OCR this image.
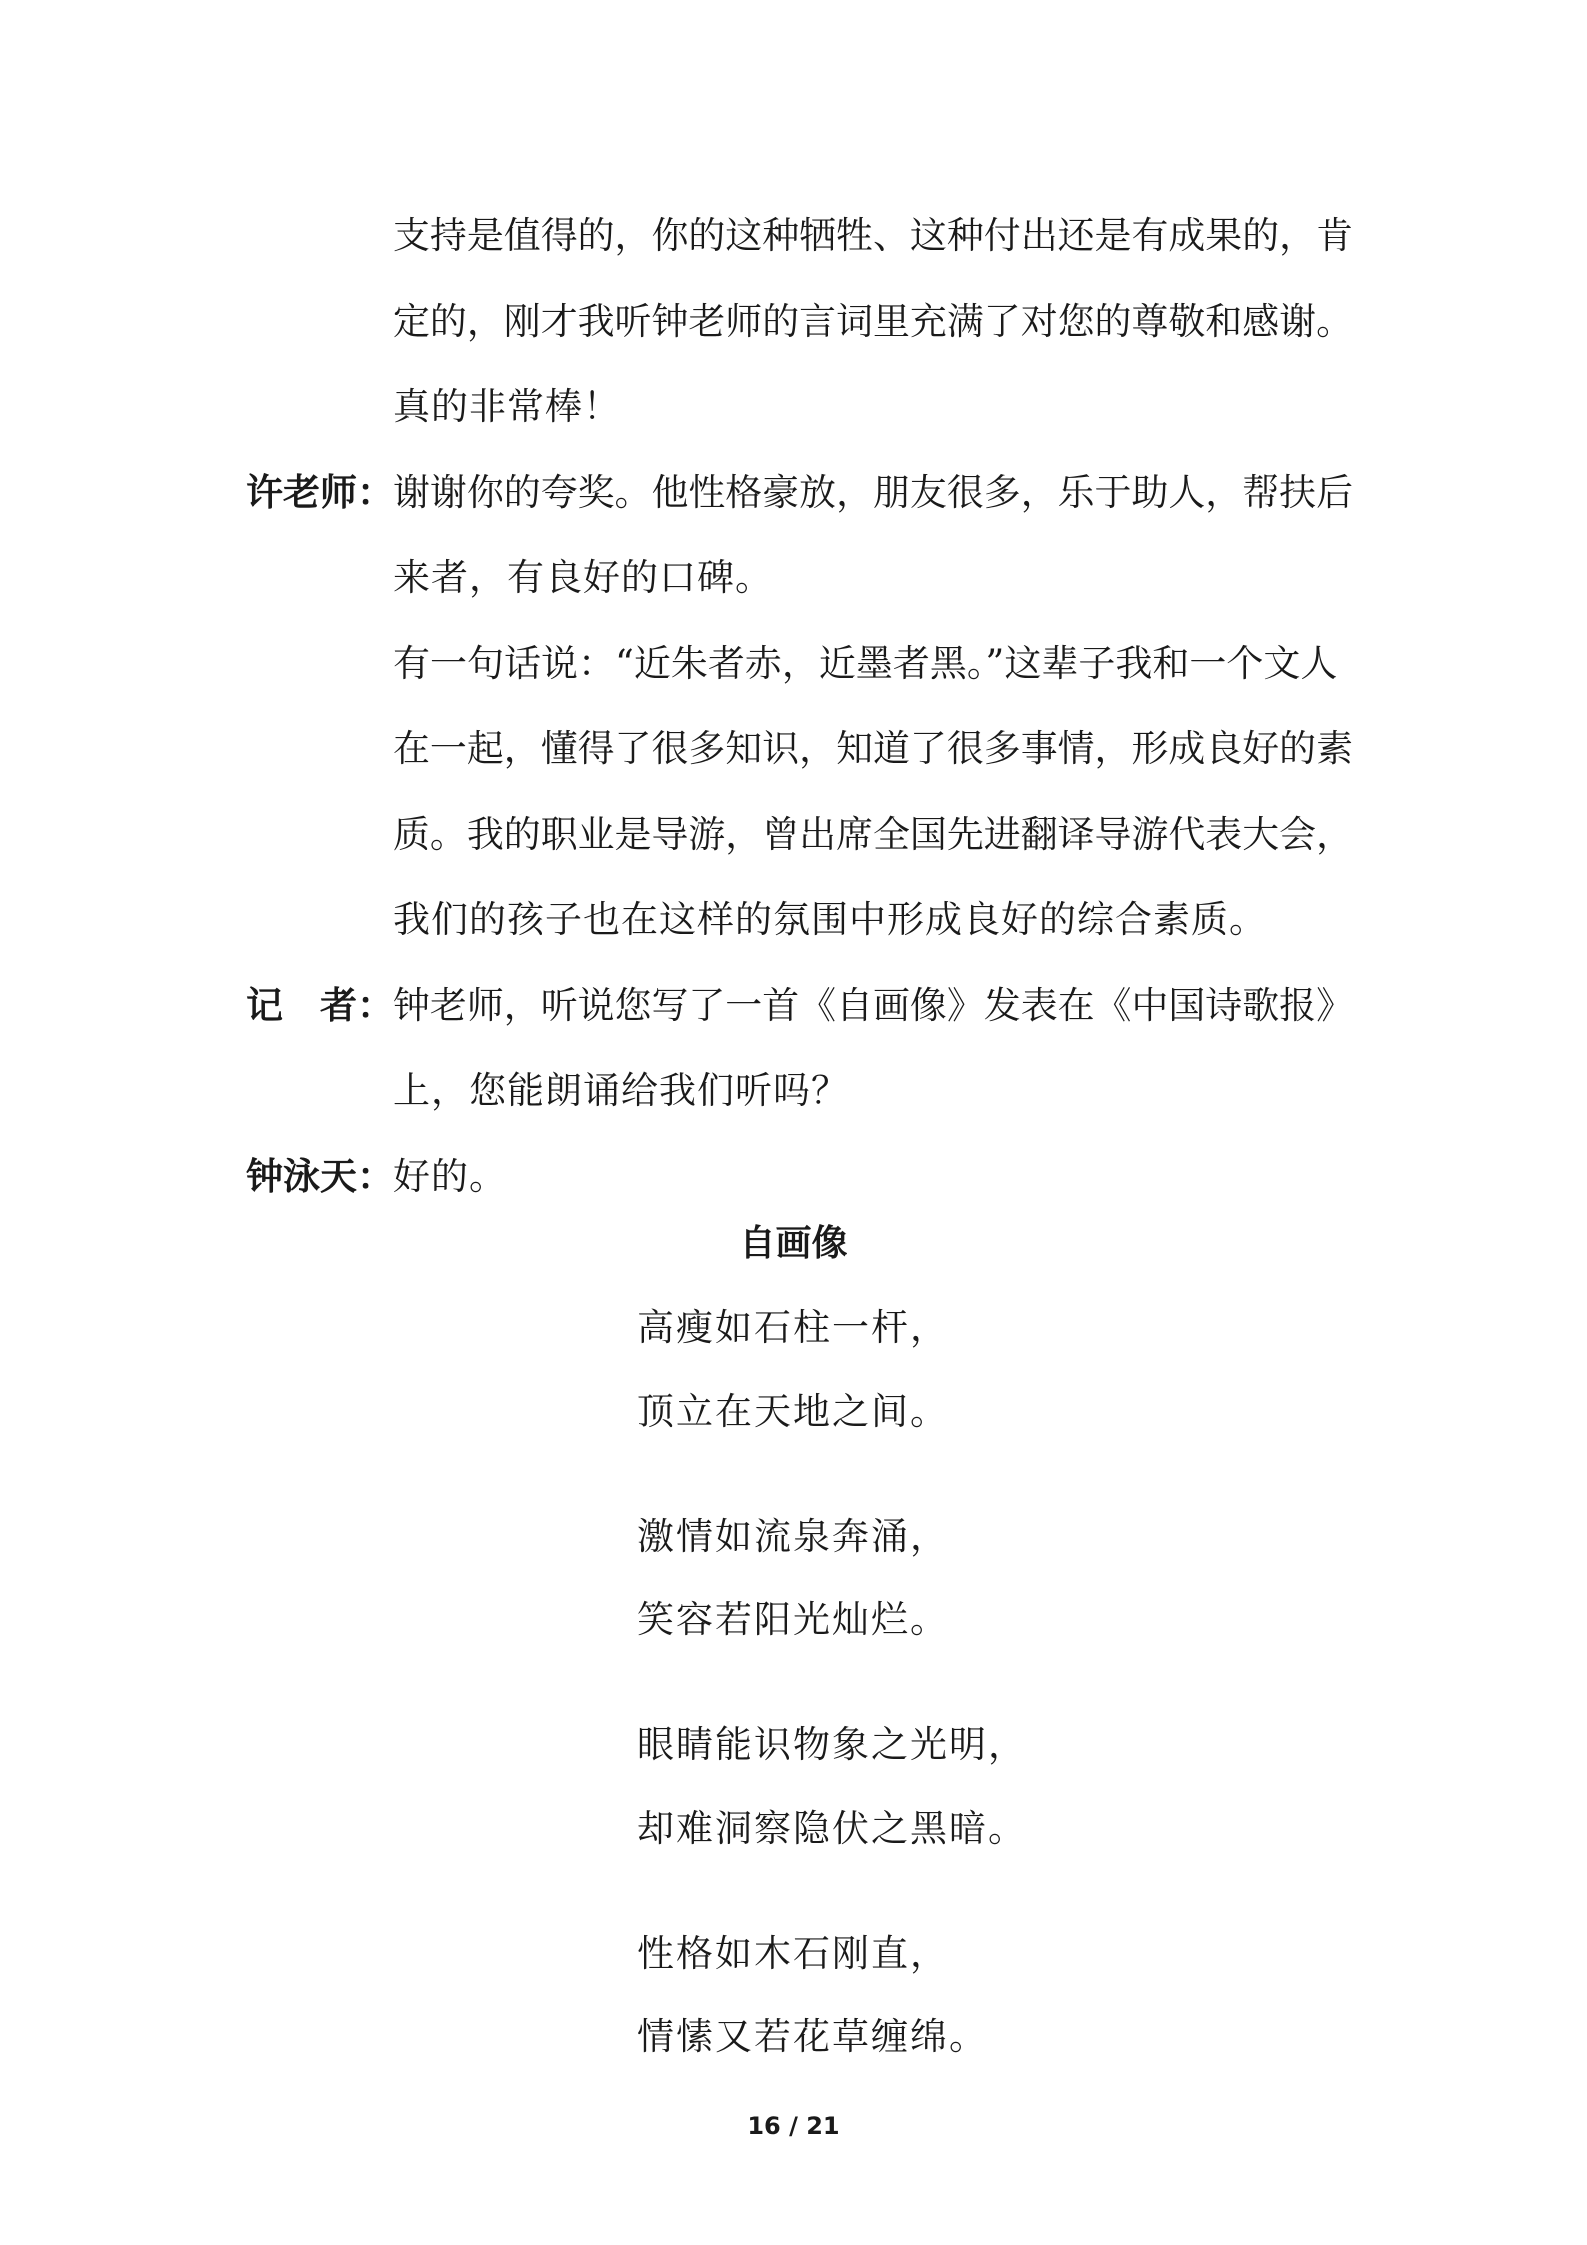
支持是值得的，你的这种牺牲、这种付出还是有成果的，肯
定的，刚才我听钟老师的言词里充满了对您的尊敬和感谢。
真的非常棒！
许老师： 谢谢你的夸奖。他性格豪放，朋友很多，乐于助人，帮扶后
来者，有良好的口碑。
有一句话说：“近朱者赤，近墨者黑。”这辈子我和一个文人
在一起，懂得了很多知识，知道了很多事情，形成良好的素
质。我的职业是导游，曾出席全国先进翻译导游代表大会，
我们的孩子也在这样的氛围中形成良好的综合素质。
记　者： 钟老师，听说您写了一首《自画像》发表在《中国诗歌报》
上，您能朗诵给我们听吗？
钟泳天： 好的。
自画像
高瘦如石柱一杆，
顶立在天地之间。
激情如流泉奔涌，
笑容若阳光灿烂。
眼睛能识物象之光明，
却难洞察隐伏之黑暗。
性格如木石刚直，
情愫又若花草缠绵。
16 / 21
